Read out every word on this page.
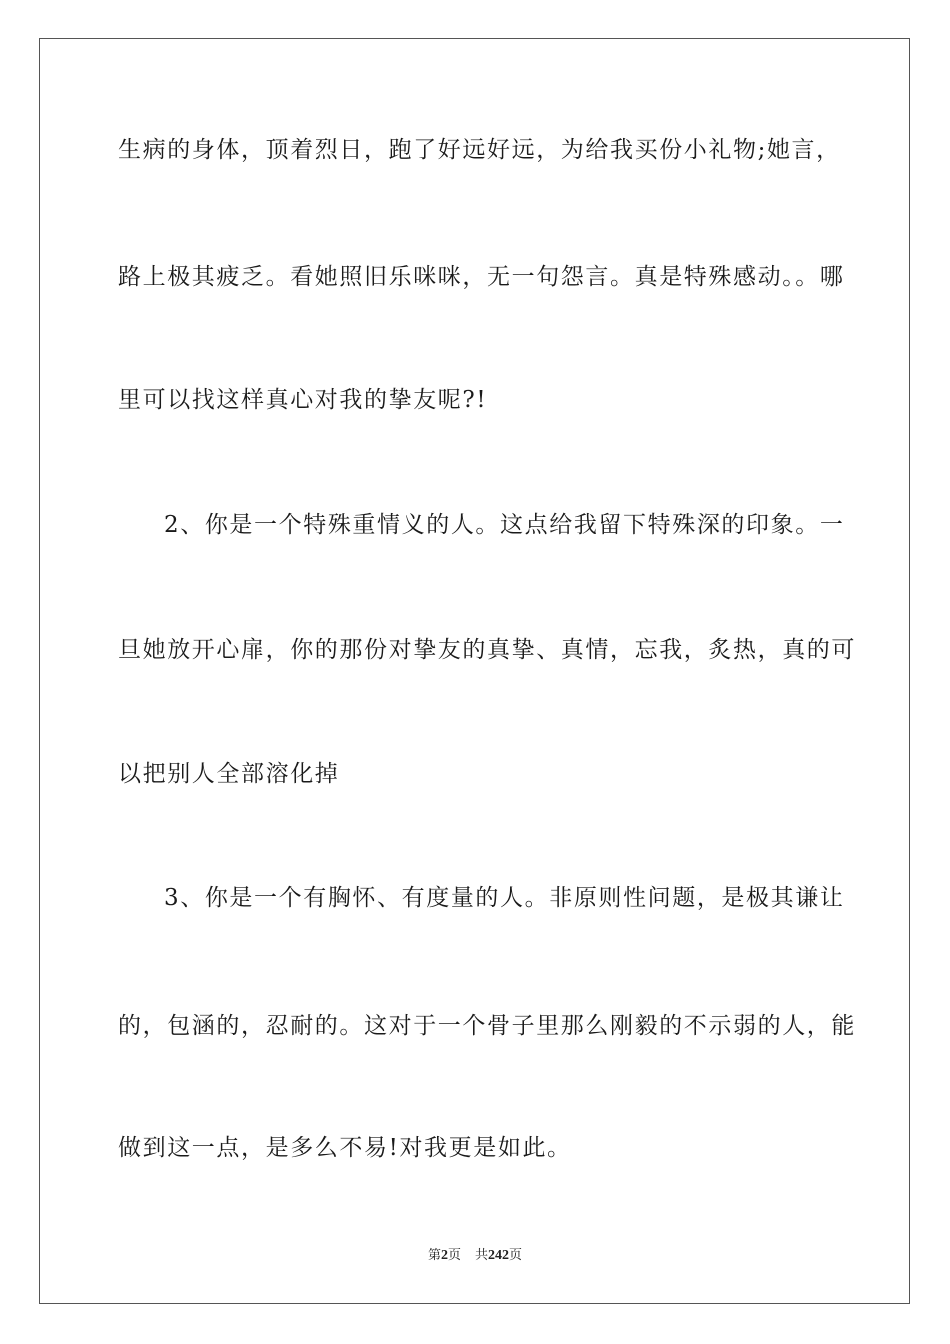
生病的身体，顶着烈日，跑了好远好远，为给我买份小礼物;她言，
路上极其疲乏。看她照旧乐咪咪，无一句怨言。真是特殊感动。。哪
里可以找这样真心对我的挚友呢?!
2、你是一个特殊重情义的人。这点给我留下特殊深的印象。一
旦她放开心扉，你的那份对挚友的真挚、真情，忘我，炙热，真的可
以把别人全部溶化掉
3、你是一个有胸怀、有度量的人。非原则性问题，是极其谦让
的，包涵的，忍耐的。这对于一个骨子里那么刚毅的不示弱的人，能
做到这一点，是多么不易!对我更是如此。
第2页 共242页
